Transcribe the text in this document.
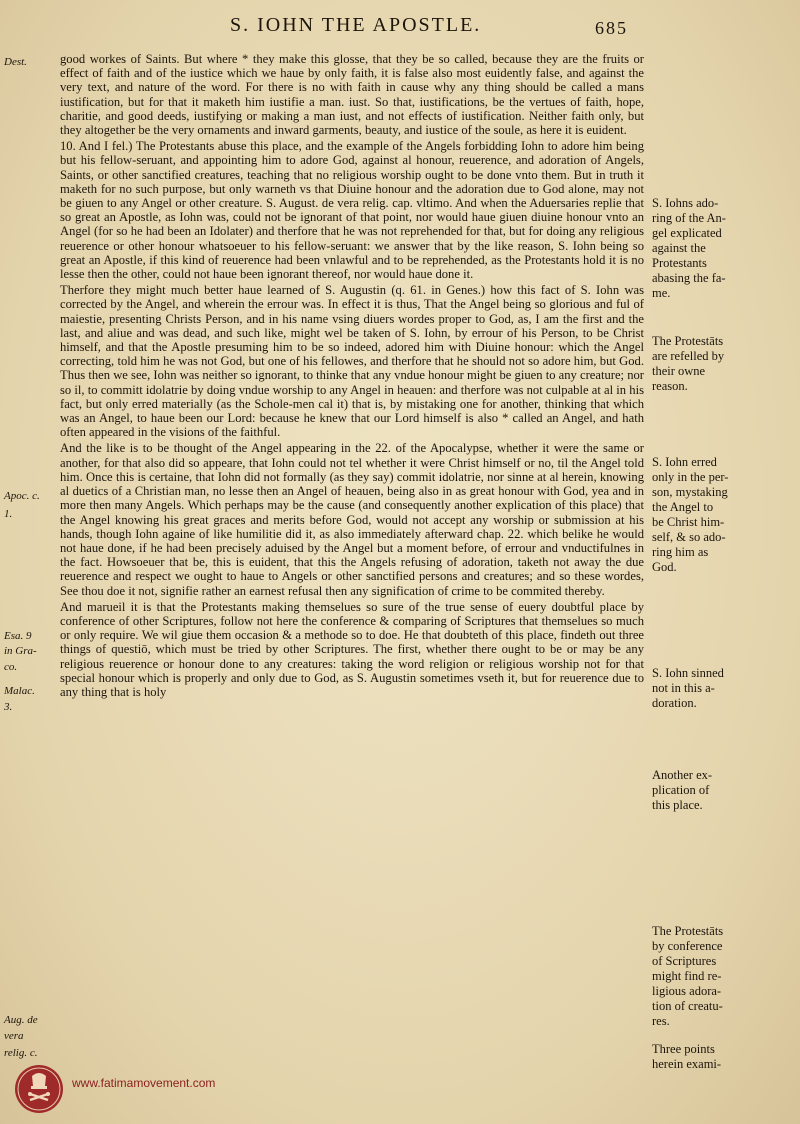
S. IOHN THE APOSTLE.	685
Dest.
Apoc. c.
1.
Esa. 9
in Gra-
co.
Malac.
3.
Aug. de
vera
relig. c.

good workes of Saints. But where * they make this glosse, that they be so called, because they are the fruits or effect of faith and of the iustice which we haue by only faith, it is false also most euidently false, and against the very text, and nature of the word. For there is no with faith in cause why any thing should be called a mans iustification, but for that it maketh him iustifie a man. iust. So that, iustifications, be the vertues of faith, hope, charitie, and good deeds, iustifying or making a man iust, and not effects of iustification. Neither faith only, but they altogether be the very ornaments and inward garments, beauty, and iustice of the soule, as here it is euident.

10. And I fel.) The Protestants abuse this place, and the example of the Angels forbidding Iohn to adore him being but his fellow-seruant, and appointing him to adore God, against al honour, reuerence, and adoration of Angels, Saints, or other sanctified creatures, teaching that no religious worship ought to be done vnto them. But in truth it maketh for no such purpose, but only warneth vs that Diuine honour and the adoration due to God alone, may not be giuen to any Angel or other creature. S. August. de vera relig. cap. vltimo. And when the Aduersaries replie that so great an Apostle, as Iohn was, could not be ignorant of that point, nor would haue giuen diuine honour vnto an Angel (for so he had been an Idolater) and therfore that he was not reprehended for that, but for doing any religious reuerence or other honour whatsoeuer to his fellow-seruant: we answer that by the like reason, S. Iohn being so great an Apostle, if this kind of reuerence had been vnlawful and to be reprehended, as the Protestants hold it is no lesse then the other, could not haue been ignorant thereof, nor would haue done it.

Therfore they might much better haue learned of S. Augustin (q. 61. in Genes.) how this fact of S. Iohn was corrected by the Angel, and wherein the errour was. In effect it is thus, That the Angel being so glorious and ful of maiestie, presenting Christs Person, and in his name vsing diuers wordes proper to God, as, I am the first and the last, and aliue and was dead, and such like, might wel be taken of S. Iohn, by errour of his Person, to be Christ himself, and that the Apostle presuming him to be so indeed, adored him with Diuine honour: which the Angel correcting, told him he was not God, but one of his fellowes, and therfore that he should not so adore him, but God. Thus then we see, Iohn was neither so ignorant, to thinke that any vndue honour might be giuen to any creature; nor so il, to committ idolatrie by doing vndue worship to any Angel in heauen: and therfore was not culpable at al in his fact, but only erred materially (as the Schole-men cal it) that is, by mistaking one for another, thinking that which was an Angel, to haue been our Lord: because he knew that our Lord himself is also * called an Angel, and hath often appeared in the visions of the faithful.

And the like is to be thought of the Angel appearing in the 22. of the Apocalypse, whether it were the same or another, for that also did so appeare, that Iohn could not tel whether it were Christ himself or no, til the Angel told him. Once this is certaine, that Iohn did not formally (as they say) commit idolatrie, nor sinne at al herein, knowing al duetics of a Christian man, no lesse then an Angel of heauen, being also in as great honour with God, yea and in more then many Angels. Which perhaps may be the cause (and consequently another explication of this place) that the Angel knowing his great graces and merits before God, would not accept any worship or submission at his hands, though Iohn againe of like humilitie did it, as also immediately afterward chap. 22. which belike he would not haue done, if he had been precisely aduised by the Angel but a moment before, of errour and vnductifulnes in the fact. Howsoeuer that be, this is euident, that this the Angels refusing of adoration, taketh not away the due reuerence and respect we ought to haue to Angels or other sanctified persons and creatures; and so these wordes, See thou doe it not, signifie rather an earnest refusal then any signification of crime to be commited thereby.

And marueil it is that the Protestants making themselues so sure of the true sense of euery doubtful place by conference of other Scriptures, follow not here the conference & comparing of Scriptures that themselues so much or only require. We wil giue them occasion & a methode so to doe. He that doubteth of this place, findeth out three things of questiō, which must be tried by other Scriptures. The first, whether there ought to be or may be any religious reuerence or honour done to any creatures: taking the word religion or religious worship not for that special honour which is properly and only due to God, as S. Augustin sometimes vseth it, but for reuerence due to any thing that is holy

S. Iohns ado-
ring of the An-
gel explicated
against the
Protestants
abasing the fa-
me.
The Protestāts
are refelled by
their owne
reason.
S. Iohn erred
only in the per-
son, mystaking
the Angel to
be Christ him-
self, & so ado-
ring him as
God.
S. Iohn sinned
not in this a-
doration.
Another ex-
plication of
this place.
The Protestāts
by conference
of Scriptures
might find re-
ligious adora-
tion of creatu-
res.
Three points
herein exami-
www.fatimamovement.com
